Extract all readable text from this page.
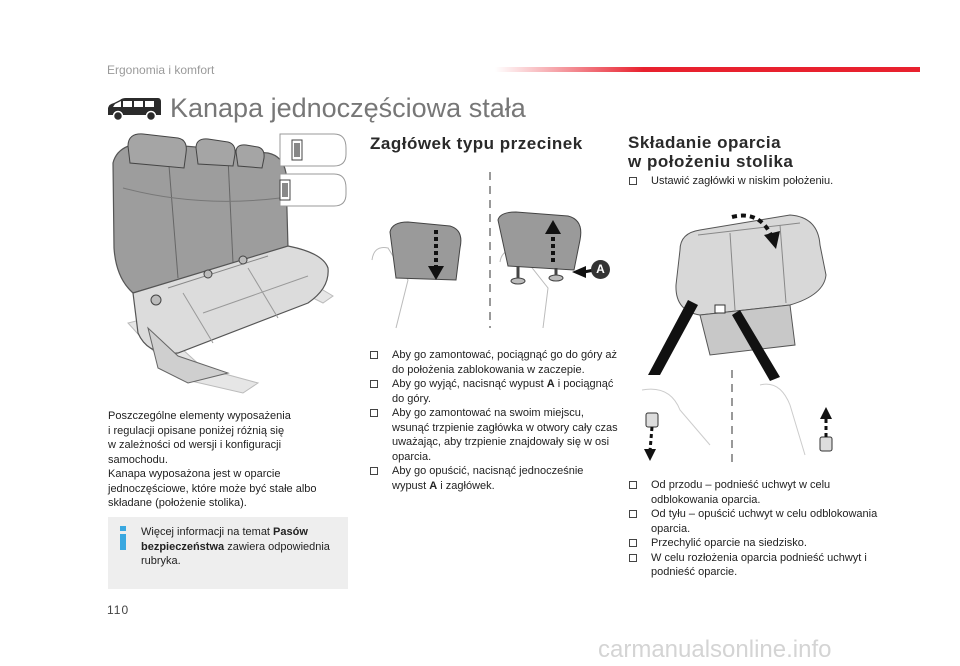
Ergonomia i komfort
Kanapa jednoczęściowa stała
Poszczególne elementy wyposażenia
i regulacji opisane poniżej różnią się
w zależności od wersji i konfiguracji
samochodu.
Kanapa wyposażona jest w oparcie
jednoczęściowe, które może być stałe albo
składane (położenie stolika).
Więcej informacji na temat Pasów bezpieczeństwa zawiera odpowiednia rubryka.
Zagłówek typu przecinek
A

Aby go zamontować, pociągnąć go do góry aż do położenia zablokowania w zaczepie.

Aby go wyjąć, nacisnąć wypust A i pociągnąć do góry.

Aby go zamontować na swoim miejscu, wsunąć trzpienie zagłówka w otwory cały czas uważając, aby trzpienie znajdowały się w osi oparcia.

Aby go opuścić, nacisnąć jednocześnie wypust A i zagłówek.

Składanie oparcia
w położeniu stolika

Ustawić zagłówki w niskim położeniu.

Od przodu – podnieść uchwyt w celu odblokowania oparcia.

Od tyłu – opuścić uchwyt w celu odblokowania oparcia.

Przechylić oparcie na siedzisko.

W celu rozłożenia oparcia podnieść uchwyt i podnieść oparcie.

110
carmanualsonline.info
